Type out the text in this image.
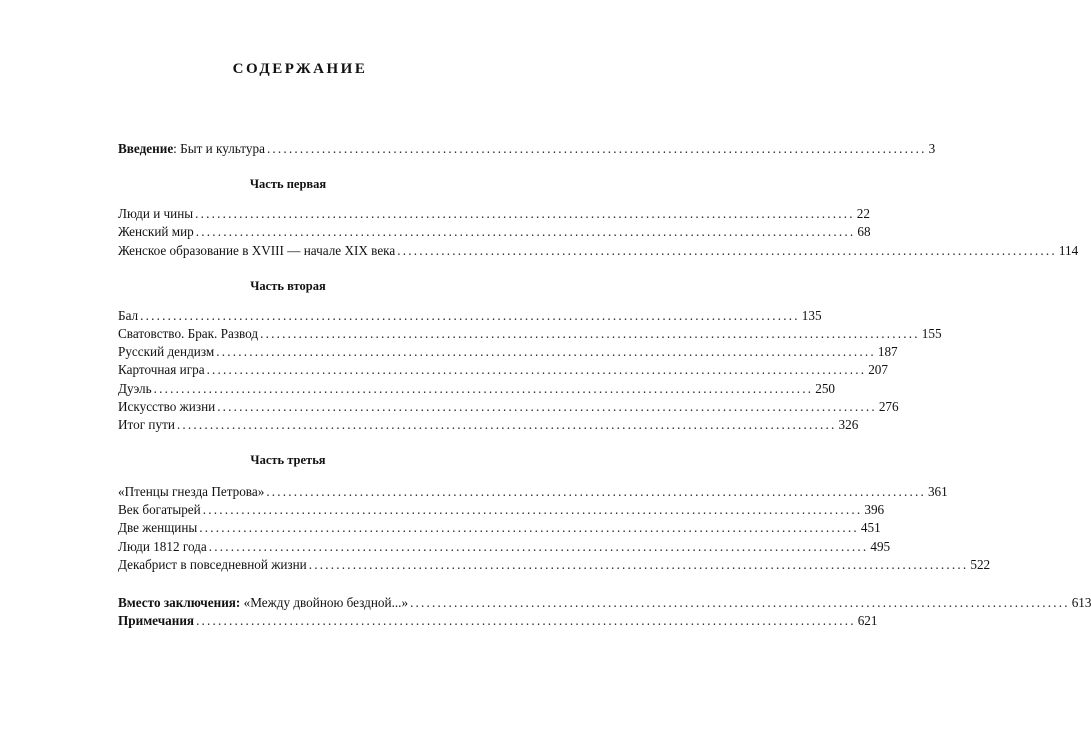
СОДЕРЖАНИЕ
Введение: Быт и культура ........................................................................................................................ 3
Часть первая
Люди и чины ........................................................................................................................ 22
Женский мир ........................................................................................................................ 68
Женское образование в XVIII — начале XIX века ........................................................................................................................ 114
Часть вторая
Бал ........................................................................................................................ 135
Сватовство. Брак. Развод ........................................................................................................................ 155
Русский дендизм ........................................................................................................................ 187
Карточная игра ........................................................................................................................ 207
Дуэль ........................................................................................................................ 250
Искусство жизни ........................................................................................................................ 276
Итог пути ........................................................................................................................ 326
Часть третья
«Птенцы гнезда Петрова» ........................................................................................................................ 361
Век богатырей ........................................................................................................................ 396
Две женщины ........................................................................................................................ 451
Люди 1812 года ........................................................................................................................ 495
Декабрист в повседневной жизни ........................................................................................................................ 522
Вместо заключения: «Между двойною бездной...» ........................................................................................................................ 613
Примечания ........................................................................................................................ 621
